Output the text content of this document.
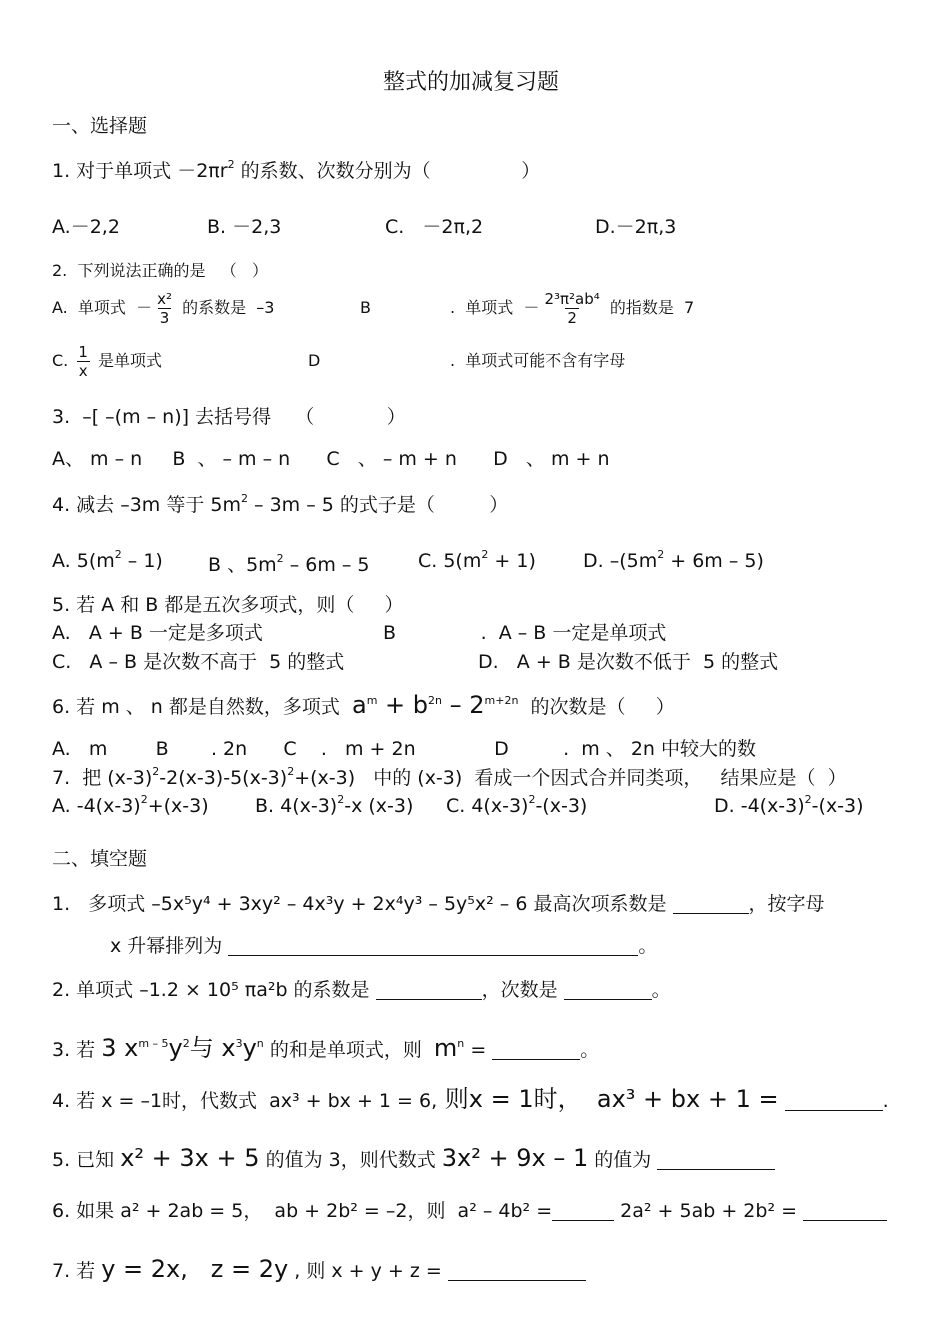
整式的加减复习题
一、选择题
1. 对于单项式 $-2\pi r^2$ 的系数、次数分别为（               ）
A.－2,2	B. －2,3	C.   －2π,2	D.－2π,3
2.  下列说法正确的是   （   ）
A.  单项式  － $\frac{\text{x²}}{3}$ 的系数是  –3	B	.  单项式  － $\frac{\text{2³π²ab⁴}}{2}$ 的指数是  7
C. $\frac{1}{x}$ 是单项式	D	.  单项式可能不含有字母
3.  –[ –(m – n)] 去括号得    （            ）
A、 m – n     B  、 – m – n      C   、 – m + n      D   、 m + n
4. 减去 –3m 等于 $5m^2 - 3m - 5$ 的式子是（         ）
A. $5(m^2 - 1)$ B 、$5m^2 - 6m - 5$	C. $5(m^2 + 1)$ D. $-(5m^2 + 6m - 5)$
5. 若 A 和 B 都是五次多项式，则（     ）
A.   A + B 一定是多项式	B              .  A – B 一定是单项式
C.   A – B 是次数不高于  5 的整式	D.   A + B 是次数不低于  5 的整式
6. 若 m 、 n 都是自然数，多项式  $a^m + b^{2n} - 2^{m+2n}$  的次数是（     ）
A.   m        B       . 2n      C    .   m + 2n             D         .  m 、 2n 中较大的数
7.  把 $(x-3)^2-2(x-3)-5(x-3)^2+(x-3)$   中的 (x-3)  看成一个因式合并同类项，   结果应是（  ）
A. $-4(x-3)^2+(x-3)$ B. $4(x-3)^2-x$ (x-3) C. $4(x-3)^2-(x-3)$	D. $-4(x-3)^2-(x-3)$
二、填空题
1.   多项式 –5x⁵y⁴ + 3xy² – 4x³y + 2x⁴y³ – 5y⁵x² – 6 最高次项系数是	，按字母
x 升幂排列为	。
2. 单项式 –1.2 × 10⁵ πa²b 的系数是	，次数是	。
3. 若 3 $x^{m - 5}y^2$与 $x^3y^n$ 的和是单项式，则  $m^n$ =	。
4. 若 x = –1时，代数式  ax³ + bx + 1 = 6, 则x = 1时，  ax³ + bx + 1 =	.
5. 已知 x² + 3x + 5 的值为 3，则代数式 3x² + 9x – 1 的值为
6. 如果 a² + 2ab = 5，  ab + 2b² = –2，则  a² – 4b² =	2a² + 5ab + 2b² =
7. 若 y = 2x,   z = 2y , 则 x + y + z =
